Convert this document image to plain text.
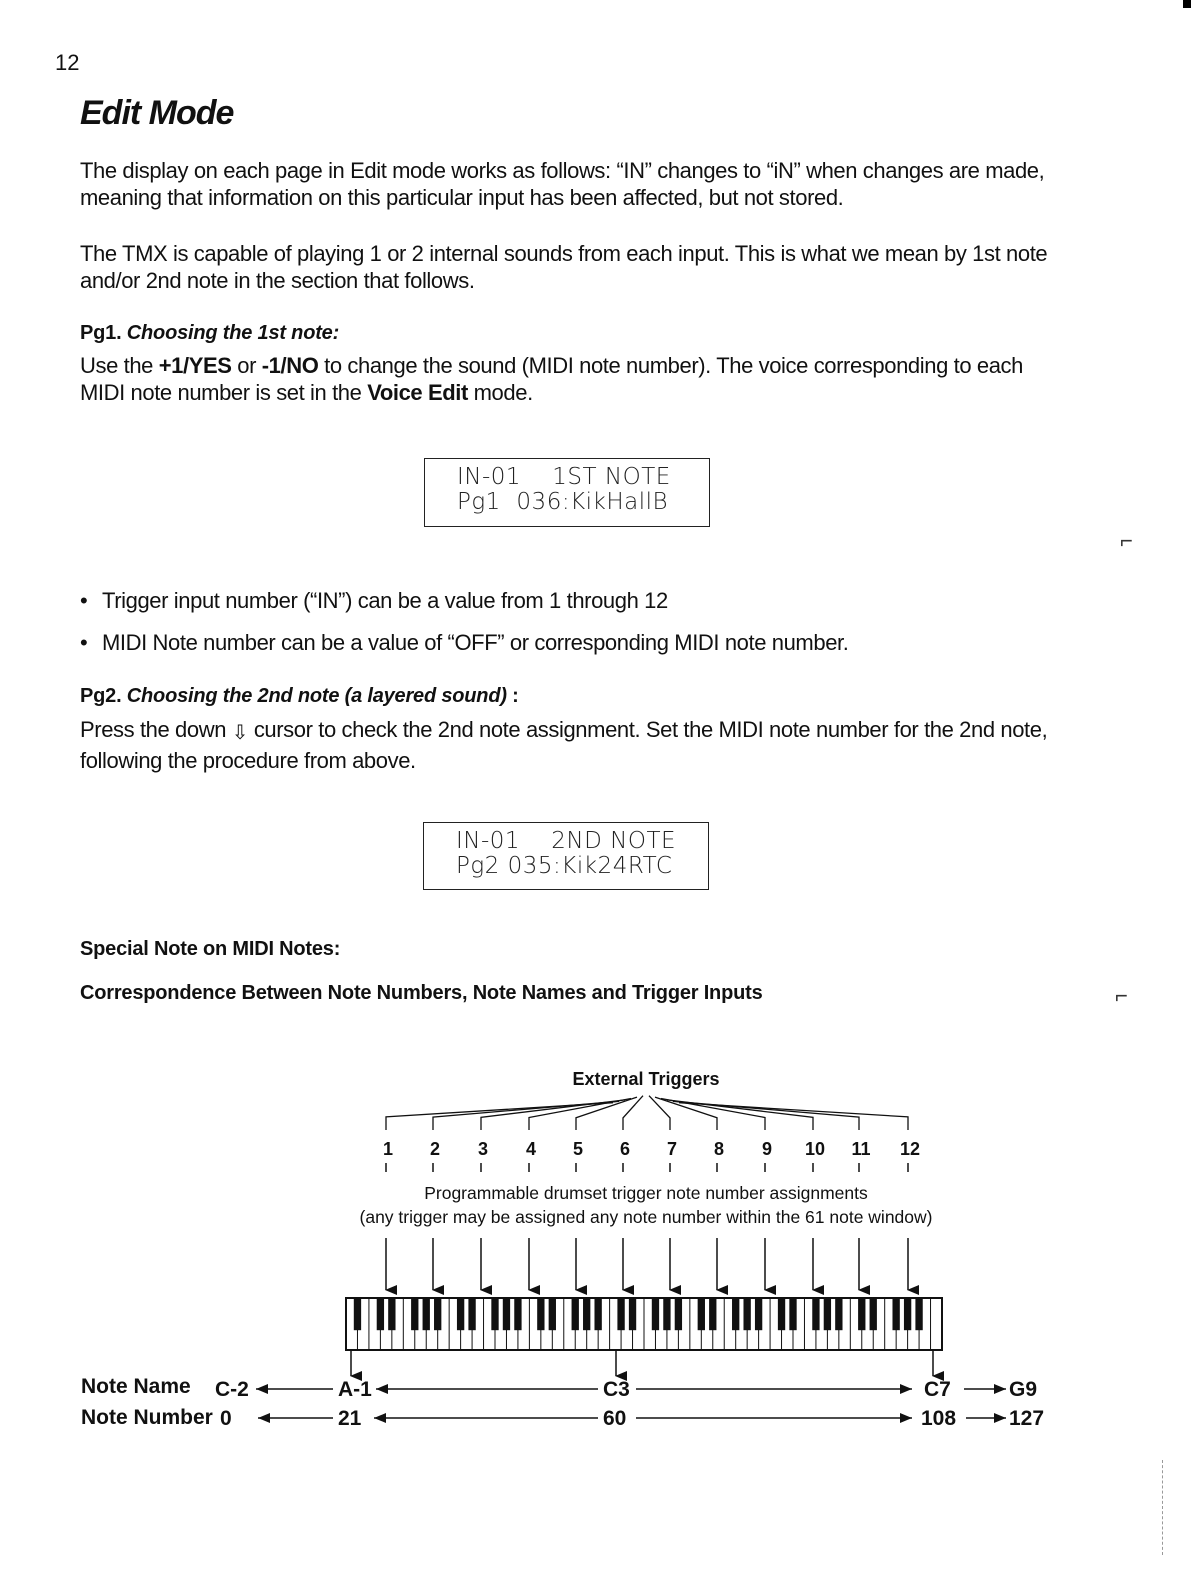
12
Edit Mode
The display on each page in Edit mode works as follows: “IN” changes to “iN” when changes are made, meaning that information on this particular input has been affected, but not stored.
The TMX is capable of playing 1 or 2 internal sounds from each input. This is what we mean by 1st note and/or 2nd note in the section that follows.
Pg1. Choosing the 1st note:
Use the +1/YES or -1/NO to change the sound (MIDI note number). The voice corresponding to each MIDI note number is set in the Voice Edit mode.
IN-01    1ST NOTE
Pg1  036:KikHallB
⌐
• Trigger input number (“IN”) can be a value from 1 through 12
• MIDI Note number can be a value of “OFF” or corresponding MIDI note number.
Pg2. Choosing the 2nd note (a layered sound) :
Press the down ⇩ cursor to check the 2nd note assignment. Set the MIDI note number for the 2nd note, following the procedure from above.
IN-01    2ND NOTE
Pg2 035:Kik24RTC
Special Note on MIDI Notes:
Correspondence Between Note Numbers, Note Names and Trigger Inputs	⌐
External Triggers
1 2 3 4 5 6 7 8 9 10 11 12
Programmable drumset trigger note number assignments
(any trigger may be assigned any note number within the 61 note window)
Note Name
Note Number
C-2	A-1	C3	C7	G9
0	21	60	108	127
